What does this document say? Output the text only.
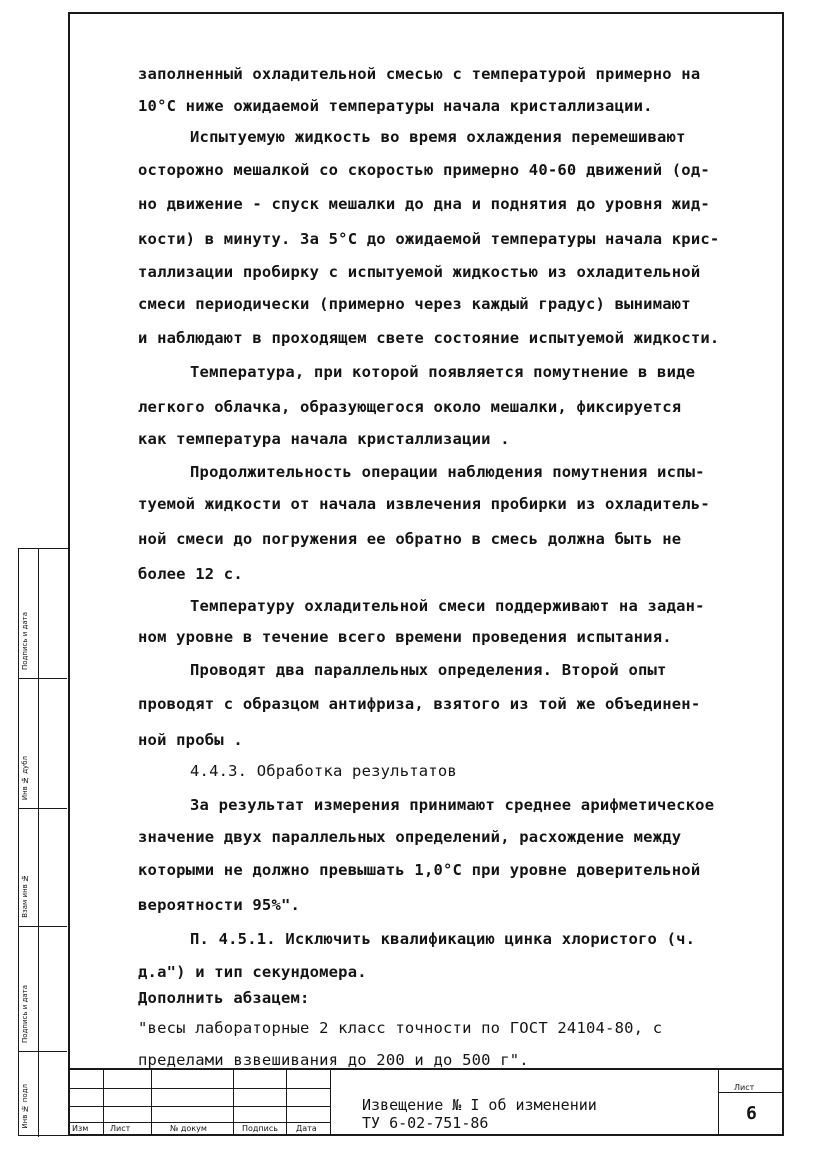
заполненный охладительной смесью с температурой примерно на
10°С ниже ожидаемой температуры начала кристаллизации.
Испытуемую жидкость во время охлаждения перемешивают
осторожно мешалкой со скоростью примерно 40-60 движений (од-
но движение - спуск мешалки до дна и поднятия до уровня жид-
кости) в минуту. За 5°С до ожидаемой температуры начала крис-
таллизации пробирку с испытуемой жидкостью из охладительной
смеси периодически (примерно через каждый градус) вынимают
и наблюдают в проходящем свете состояние испытуемой жидкости.
Температура, при которой появляется помутнение в виде
легкого облачка, образующегося около мешалки, фиксируется
как температура начала кристаллизации .
Продолжительность операции наблюдения помутнения испы-
туемой жидкости от начала извлечения пробирки из охладитель-
ной смеси до погружения ее обратно в смесь должна быть не
более 12 с.
Температуру охладительной смеси поддерживают на задан-
ном уровне в течение всего времени проведения испытания.
Проводят два параллельных определения. Второй опыт
проводят с образцом антифриза, взятого из той же объединен-
ной пробы .
4.4.3. Обработка результатов
За результат измерения принимают среднее арифметическое
значение двух параллельных определений, расхождение между
которыми не должно превышать 1,0°С при уровне доверительной
вероятности 95%".
П. 4.5.1. Исключить квалификацию цинка хлористого (ч.
д.а") и тип секундомера.
Дополнить абзацем:
"весы лабораторные 2 класс точности по ГОСТ 24104-80, с
пределами взвешивания до 200 и до 500 г".
Подпись и дата
Инв № дубл
Взам инв №
Подпись и дата
Инв № подл	Изм	Лист	№ докум	Подпись Дата
Извещение № I об изменении
ТУ 6-02-751-86
Лист
6
